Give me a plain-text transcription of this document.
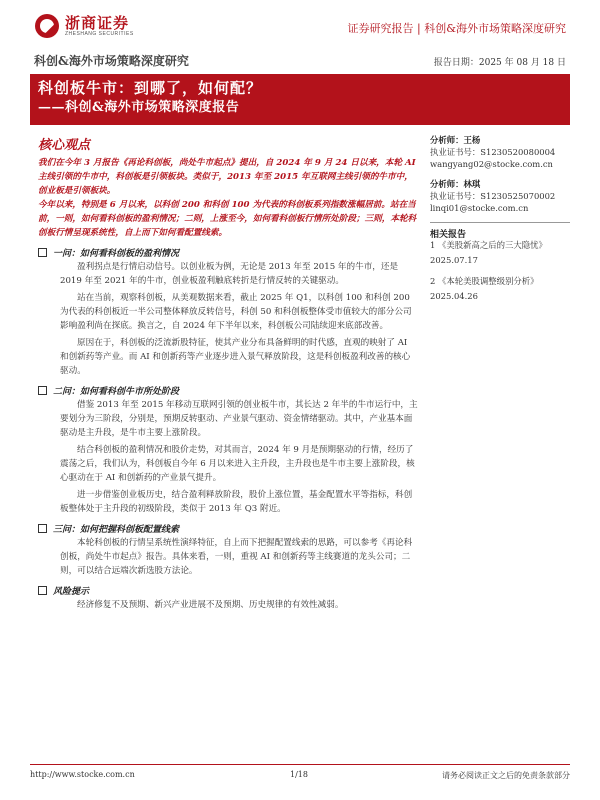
浙商证券
ZHESHANG SECURITIES	证券研究报告 | 科创&海外市场策略深度研究
科创&海外市场策略深度研究	报告日期：2025 年 08 月 18 日
科创板牛市：到哪了，如何配？
——科创&海外市场策略深度报告
核心观点

我们在今年 3 月报告《再论科创板，尚处牛市起点》提出，自 2024 年 9 月 24 日以来，本轮 AI 主线引领的牛市中，科创板是引领板块。类似于，2013 年至 2015 年互联网主线引领的牛市中，创业板是引领板块。

今年以来，特别是 6 月以来，以科创 200 和科创 100 为代表的科创板系列指数涨幅居前。站在当前，一则，如何看科创板的盈利情况；二则，上涨至今，如何看科创板行情所处阶段；三则，本轮科创板行情呈现系统性，自上而下如何看配置线索。

一问：如何看科创板的盈利情况

盈利拐点是行情启动信号。以创业板为例，无论是 2013 年至 2015 年的牛市，还是 2019 年至 2021 年的牛市，创业板盈利触底转折是行情反转的关键驱动。

站在当前，观察科创板，从美观数据来看，截止 2025 年 Q1，以科创 100 和科创 200 为代表的科创板近一半公司整体释放反转信号，科创 50 和科创板整体受市值较大的部分公司影响盈利尚在探底。换言之，自 2024 年下半年以来，科创板公司陆续迎来底部改善。

原因在于，科创板的泛流新股特征，使其产业分布具备鲜明的时代感，直观的映射了 AI 和创新药等产业。而 AI 和创新药等产业逐步进入景气释放阶段，这是科创板盈利改善的核心驱动。

二问：如何看科创牛市所处阶段

借鉴 2013 年至 2015 年移动互联网引领的创业板牛市，其长达 2 年半的牛市运行中，主要划分为三阶段，分别是，预期反转驱动、产业景气驱动、资金情绪驱动。其中，产业基本面驱动是主升段，是牛市主要上涨阶段。

结合科创板的盈利情况和股价走势，对其而言，2024 年 9 月是预期驱动的行情，经历了震荡之后，我们认为，科创板自今年 6 月以来进入主升段，主升段也是牛市主要上涨阶段，核心驱动在于 AI 和创新药的产业景气提升。

进一步借鉴创业板历史，结合盈利释放阶段，股价上涨位置，基金配置水平等指标，科创板整体处于主升段的初级阶段，类似于 2013 年 Q3 附近。

三问：如何把握科创板配置线索

本轮科创板的行情呈系统性演绎特征，自上而下把握配置线索的思路，可以参考《再论科创板，尚处牛市起点》报告。具体来看，一则，重视 AI 和创新药等主线赛道的龙头公司；二则，可以结合远端次新选股方法论。

风险提示

经济修复不及预期、新兴产业进展不及预期、历史规律的有效性减弱。

分析师：王杨
执业证书号：S1230520080004
wangyang02@stocke.com.cn
分析师：林琪
执业证书号：S1230525070002
linqi01@stocke.com.cn
相关报告
1 《美股新高之后的三大隐忧》
2025.07.17
2 《本轮美股调整级别分析》
2025.04.26
http://www.stocke.com.cn	1/18	请务必阅读正文之后的免责条款部分
